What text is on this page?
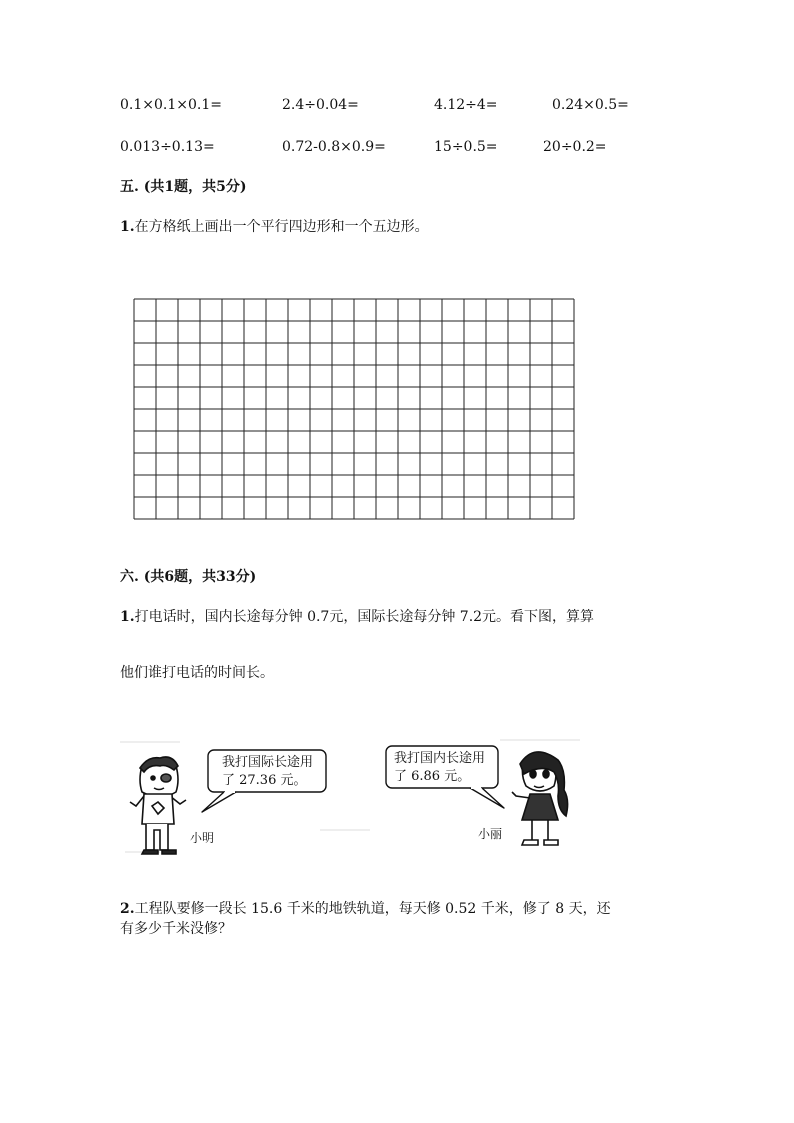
0.1×0.1×0.1=	2.4÷0.04=	4.12÷4=	0.24×0.5=
0.013÷0.13=	0.72-0.8×0.9=	15÷0.5=	20÷0.2=
五. (共1题，共5分)
1.在方格纸上画出一个平行四边形和一个五边形。
六. (共6题，共33分)
1.打电话时，国内长途每分钟 0.7元，国际长途每分钟 7.2元。看下图，算算
他们谁打电话的时间长。
我打国际长途用
了 27.36 元。
小明
我打国内长途用
了 6.86 元。
小丽
2.工程队要修一段长 15.6 千米的地铁轨道，每天修 0.52 千米，修了 8 天，还
有多少千米没修？
